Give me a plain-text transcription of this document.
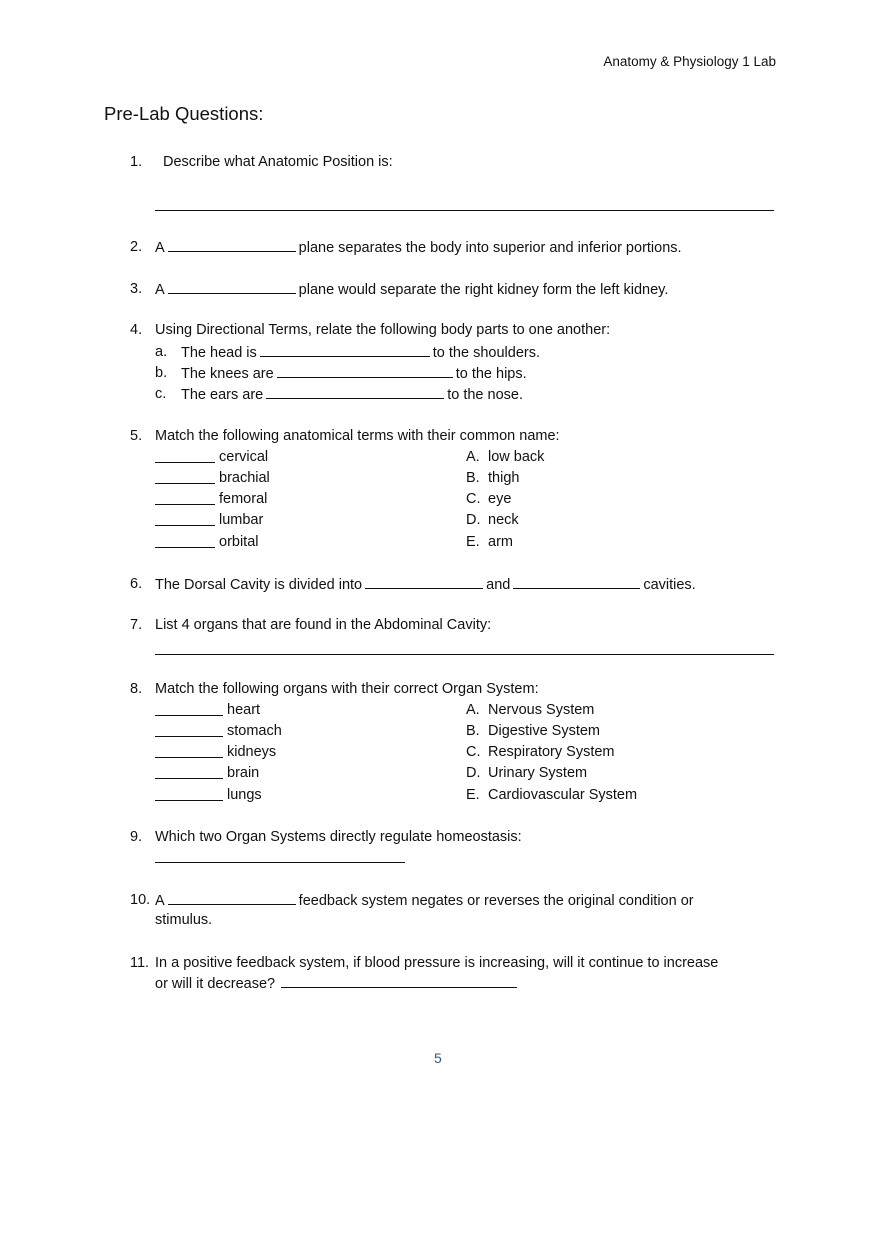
Anatomy & Physiology 1 Lab
Pre-Lab Questions:
1. Describe what Anatomic Position is:
2. A	plane separates the body into superior and inferior portions.
3. A	plane would separate the right kidney form the left kidney.
4. Using Directional Terms, relate the following body parts to one another:
a. The head is	to the shoulders.
b. The knees are	to the hips.
c. The ears are	to the nose.
5. Match the following anatomical terms with their common name:
cervical	A. low back
brachial	B. thigh
femoral	C. eye
lumbar	D. neck
orbital	E. arm
6. The Dorsal Cavity is divided into	and	cavities.
7. List 4 organs that are found in the Abdominal Cavity:
8. Match the following organs with their correct Organ System:
heart	A. Nervous System
stomach	B. Digestive System
kidneys	C. Respiratory System
brain	D. Urinary System
lungs	E. Cardiovascular System
9. Which two Organ Systems directly regulate homeostasis:
10. A	feedback system negates or reverses the original condition or
stimulus.
11. In a positive feedback system, if blood pressure is increasing, will it continue to increase
or will it decrease?
5
